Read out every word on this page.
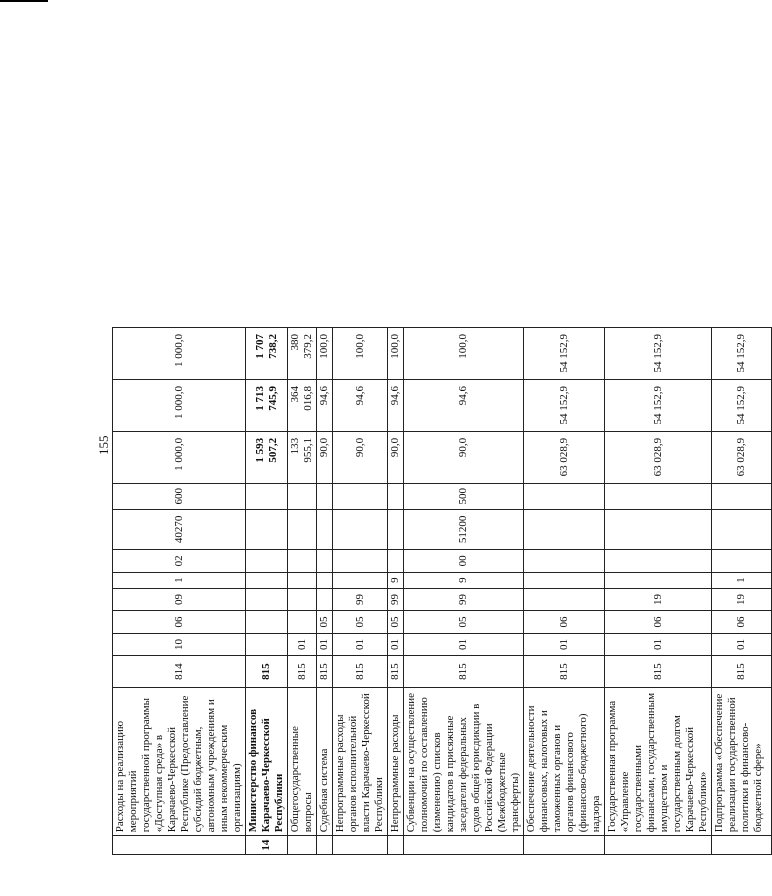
155
	Расходы на реализацию мероприятий государственной программы «Доступная среда» в Карачаево-Черкесской Республике (Предоставление субсидий бюджетным, автономным учреждениям и иным некоммерческим организациям)	814	10	06	09	1	02	40270	600	1 000,0	1 000,0	1 000,0
14	Министерство финансов Карачаево-Черкесской Республики	815								1 593 507,2	1 713 745,9	1 707 738,2
	Общегосударственные вопросы	815	01							133 955,1	364 016,8	380 379,2
	Судебная система	815	01	05						90,0	94,6	100,0
	Непрограммные расходы органов исполнительной власти Карачаево-Черкесской Республики	815	01	05	99					90,0	94,6	100,0
	Непрограммные расходы	815	01	05	99	9				90,0	94,6	100,0
	Субвенции на осуществление полномочий по составлению (изменению) списков кандидатов в присяжные заседатели федеральных судов общей юрисдикции в Российской Федерации (Межбюджетные трансферты)	815	01	05	99	9	00	51200	500	90,0	94,6	100,0
	Обеспечение деятельности финансовых, налоговых и таможенных органов и органов финансового (финансово-бюджетного) надзора	815	01	06						63 028,9	54 152,9	54 152,9
	Государственная программа «Управление государственными финансами, государственным имуществом и государственным долгом Карачаево-Черкесской Республики»	815	01	06	19					63 028,9	54 152,9	54 152,9
	Подпрограмма «Обеспечение реализации государственной политики в финансово-бюджетной сфере»	815	01	06	19	1				63 028,9	54 152,9	54 152,9
